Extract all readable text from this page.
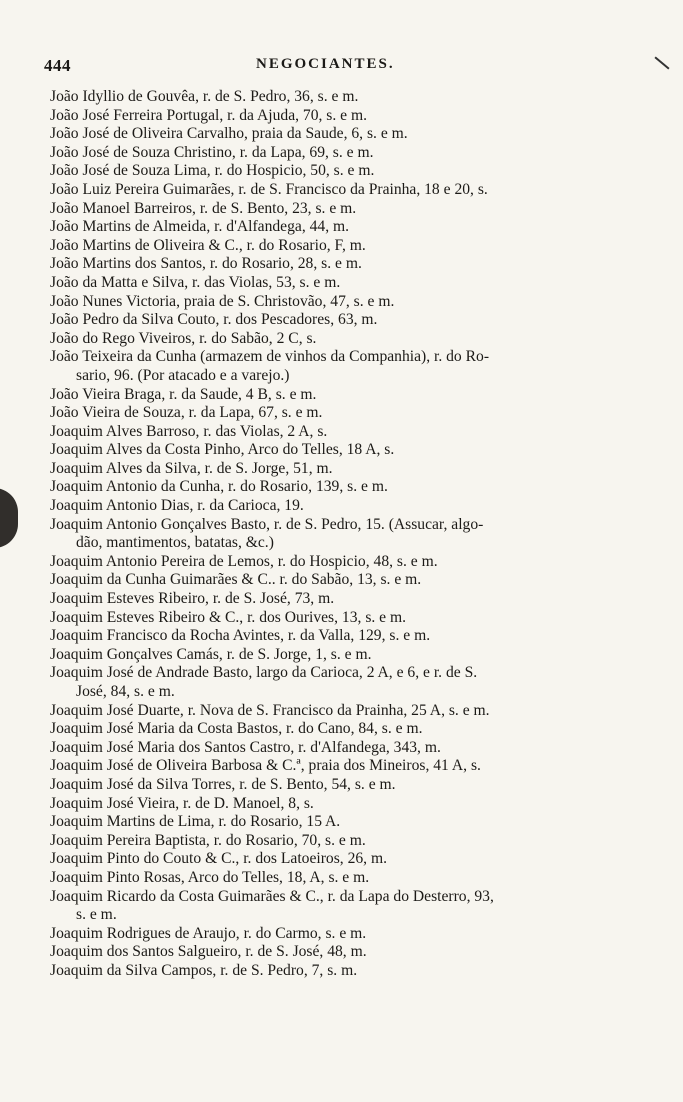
444	NEGOCIANTES.
João Idyllio de Gouvêa, r. de S. Pedro, 36, s. e m.
João José Ferreira Portugal, r. da Ajuda, 70, s. e m.
João José de Oliveira Carvalho, praia da Saude, 6, s. e m.
João José de Souza Christino, r. da Lapa, 69, s. e m.
João José de Souza Lima, r. do Hospicio, 50, s. e m.
João Luiz Pereira Guimarães, r. de S. Francisco da Prainha, 18 e 20, s.
João Manoel Barreiros, r. de S. Bento, 23, s. e m.
João Martins de Almeida, r. d'Alfandega, 44, m.
João Martins de Oliveira & C., r. do Rosario, F, m.
João Martins dos Santos, r. do Rosario, 28, s. e m.
João da Matta e Silva, r. das Violas, 53, s. e m.
João Nunes Victoria, praia de S. Christovão, 47, s. e m.
João Pedro da Silva Couto, r. dos Pescadores, 63, m.
João do Rego Viveiros, r. do Sabão, 2 C, s.
João Teixeira da Cunha (armazem de vinhos da Companhia), r. do Ro-
sario, 96. (Por atacado e a varejo.)
João Vieira Braga, r. da Saude, 4 B, s. e m.
João Vieira de Souza, r. da Lapa, 67, s. e m.
Joaquim Alves Barroso, r. das Violas, 2 A, s.
Joaquim Alves da Costa Pinho, Arco do Telles, 18 A, s.
Joaquim Alves da Silva, r. de S. Jorge, 51, m.
Joaquim Antonio da Cunha, r. do Rosario, 139, s. e m.
Joaquim Antonio Dias, r. da Carioca, 19.
Joaquim Antonio Gonçalves Basto, r. de S. Pedro, 15. (Assucar, algo-
dão, mantimentos, batatas, &c.)
Joaquim Antonio Pereira de Lemos, r. do Hospicio, 48, s. e m.
Joaquim da Cunha Guimarães & C.. r. do Sabão, 13, s. e m.
Joaquim Esteves Ribeiro, r. de S. José, 73, m.
Joaquim Esteves Ribeiro & C., r. dos Ourives, 13, s. e m.
Joaquim Francisco da Rocha Avintes, r. da Valla, 129, s. e m.
Joaquim Gonçalves Camás, r. de S. Jorge, 1, s. e m.
Joaquim José de Andrade Basto, largo da Carioca, 2 A, e 6, e r. de S.
José, 84, s. e m.
Joaquim José Duarte, r. Nova de S. Francisco da Prainha, 25 A, s. e m.
Joaquim José Maria da Costa Bastos, r. do Cano, 84, s. e m.
Joaquim José Maria dos Santos Castro, r. d'Alfandega, 343, m.
Joaquim José de Oliveira Barbosa & C.ª, praia dos Mineiros, 41 A, s.
Joaquim José da Silva Torres, r. de S. Bento, 54, s. e m.
Joaquim José Vieira, r. de D. Manoel, 8, s.
Joaquim Martins de Lima, r. do Rosario, 15 A.
Joaquim Pereira Baptista, r. do Rosario, 70, s. e m.
Joaquim Pinto do Couto & C., r. dos Latoeiros, 26, m.
Joaquim Pinto Rosas, Arco do Telles, 18, A, s. e m.
Joaquim Ricardo da Costa Guimarães & C., r. da Lapa do Desterro, 93,
s. e m.
Joaquim Rodrigues de Araujo, r. do Carmo, s. e m.
Joaquim dos Santos Salgueiro, r. de S. José, 48, m.
Joaquim da Silva Campos, r. de S. Pedro, 7, s. m.
